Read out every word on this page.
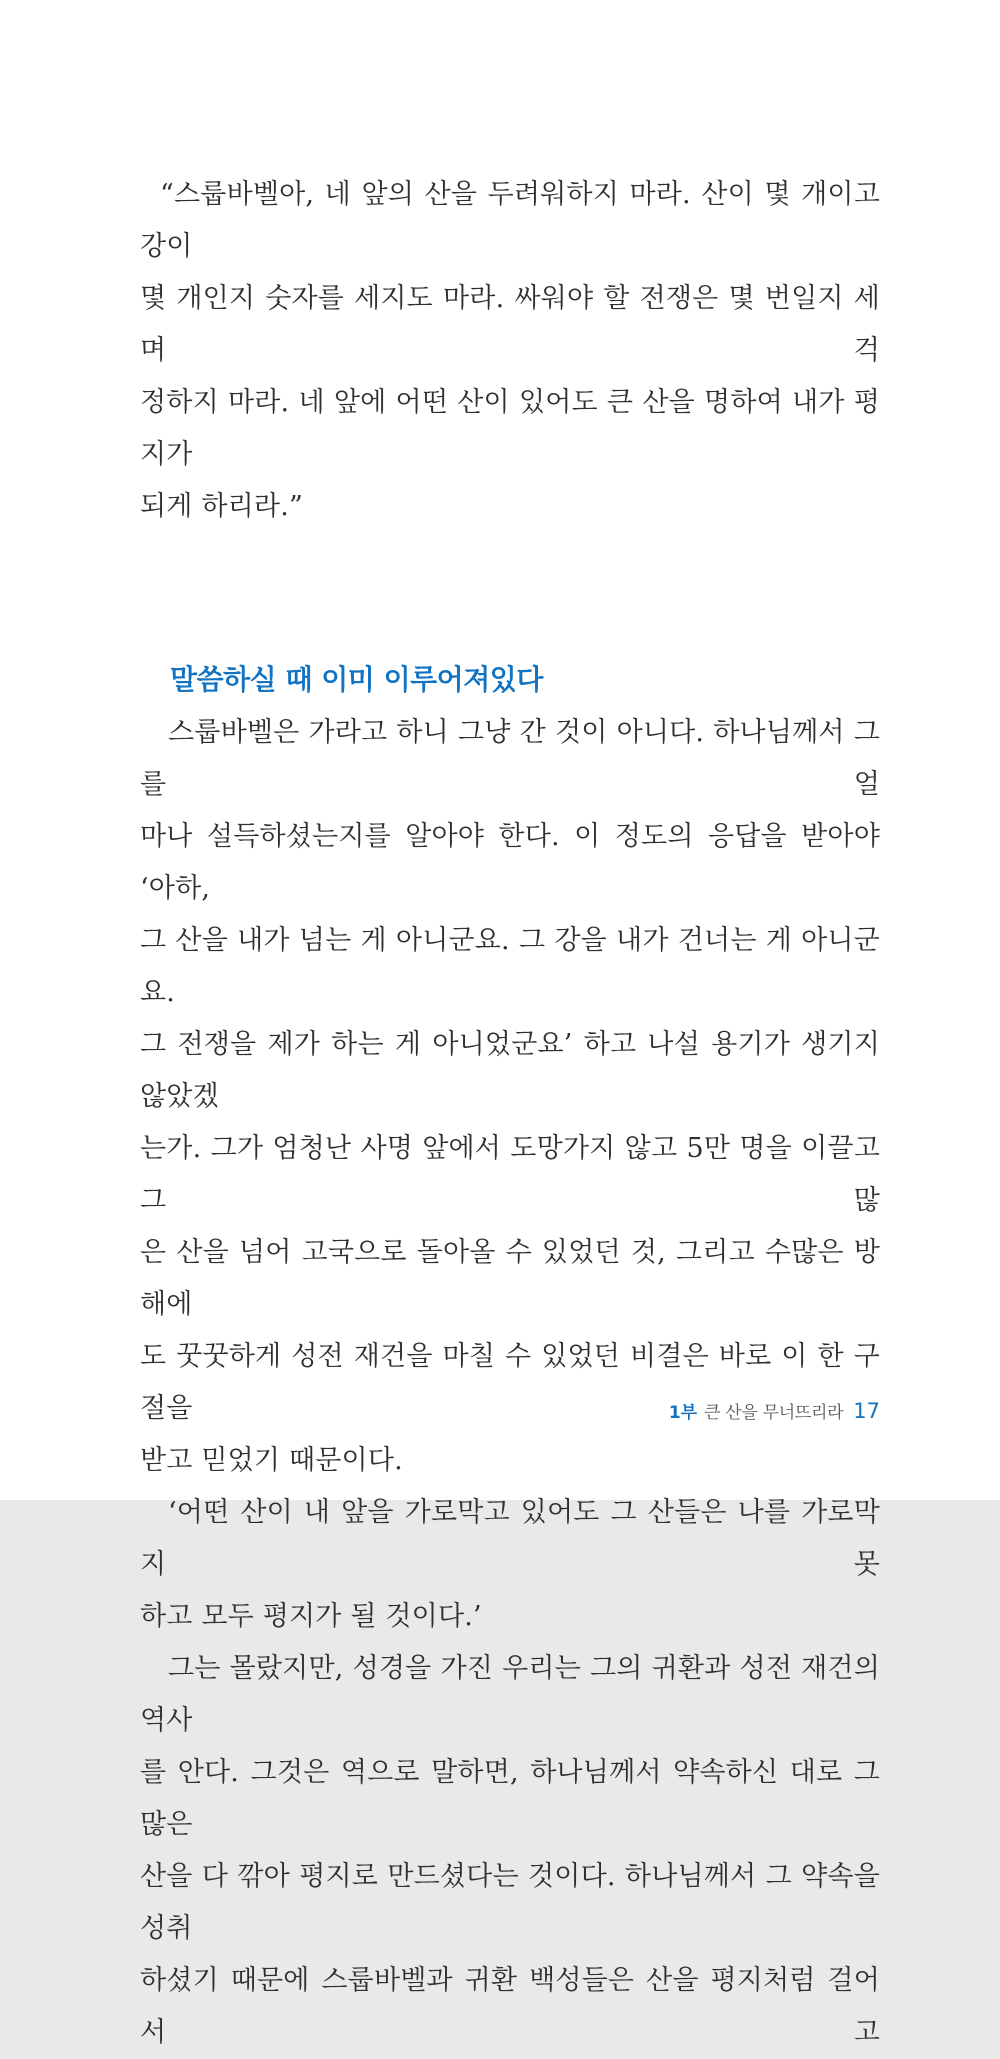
“스룹바벨아, 네 앞의 산을 두려워하지 마라. 산이 몇 개이고 강이
몇 개인지 숫자를 세지도 마라. 싸워야 할 전쟁은 몇 번일지 세며 걱
정하지 마라. 네 앞에 어떤 산이 있어도 큰 산을 명하여 내가 평지가
되게 하리라.”
말씀하실 때 이미 이루어져있다
스룹바벨은 가라고 하니 그냥 간 것이 아니다. 하나님께서 그를 얼
마나 설득하셨는지를 알아야 한다. 이 정도의 응답을 받아야 ‘아하,
그 산을 내가 넘는 게 아니군요. 그 강을 내가 건너는 게 아니군요.
그 전쟁을 제가 하는 게 아니었군요’ 하고 나설 용기가 생기지 않았겠
는가. 그가 엄청난 사명 앞에서 도망가지 않고 5만 명을 이끌고 그 많
은 산을 넘어 고국으로 돌아올 수 있었던 것, 그리고 수많은 방해에
도 꿋꿋하게 성전 재건을 마칠 수 있었던 비결은 바로 이 한 구절을
받고 믿었기 때문이다.
‘어떤 산이 내 앞을 가로막고 있어도 그 산들은 나를 가로막지 못
하고 모두 평지가 될 것이다.’
그는 몰랐지만, 성경을 가진 우리는 그의 귀환과 성전 재건의 역사
를 안다. 그것은 역으로 말하면, 하나님께서 약속하신 대로 그 많은
산을 다 깎아 평지로 만드셨다는 것이다. 하나님께서 그 약속을 성취
하셨기 때문에 스룹바벨과 귀환 백성들은 산을 평지처럼 걸어서 고
1부 큰 산을 무너뜨리라 17
